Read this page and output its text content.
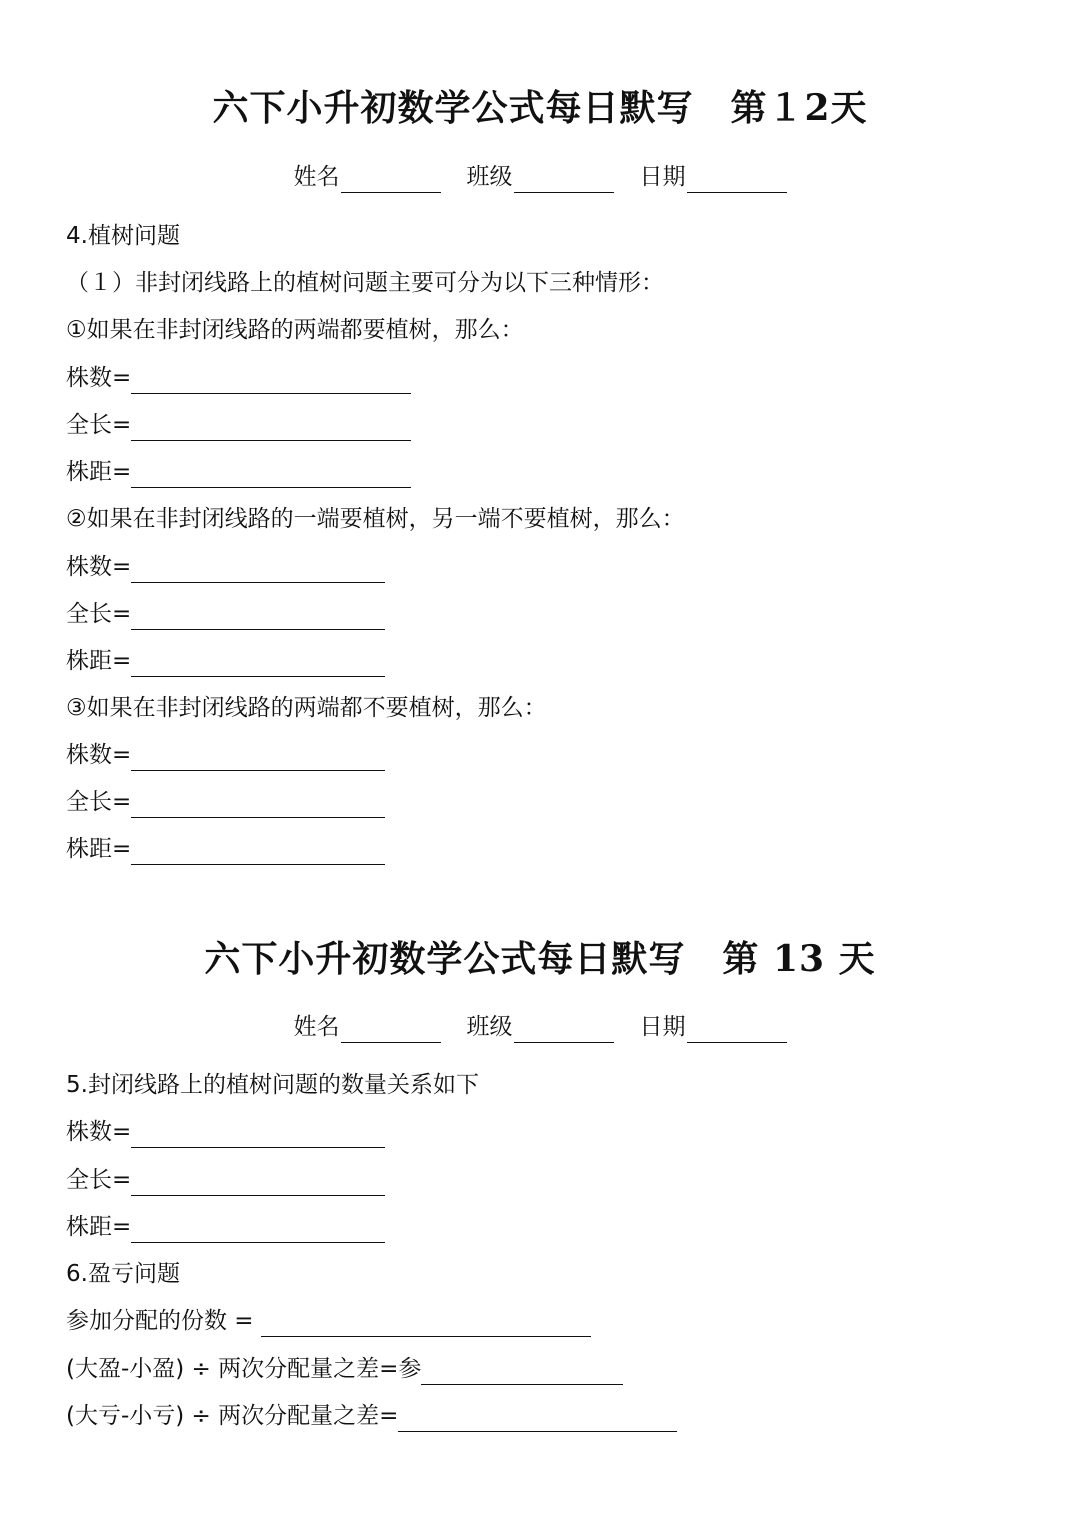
六下小升初数学公式每日默写　第１2天
姓名	班级	日期
4.植树问题
（１）非封闭线路上的植树问题主要可分为以下三种情形：
①如果在非封闭线路的两端都要植树，那么：
株数=
全长=
株距=
②如果在非封闭线路的一端要植树，另一端不要植树，那么：
株数=
全长=
株距=
③如果在非封闭线路的两端都不要植树，那么：
株数=
全长=
株距=
六下小升初数学公式每日默写　第 13 天
姓名	班级	日期
5.封闭线路上的植树问题的数量关系如下
株数=
全长=
株距=
6.盈亏问题
参加分配的份数 =
(大盈-小盈) ÷ 两次分配量之差=参
(大亏-小亏) ÷ 两次分配量之差=
